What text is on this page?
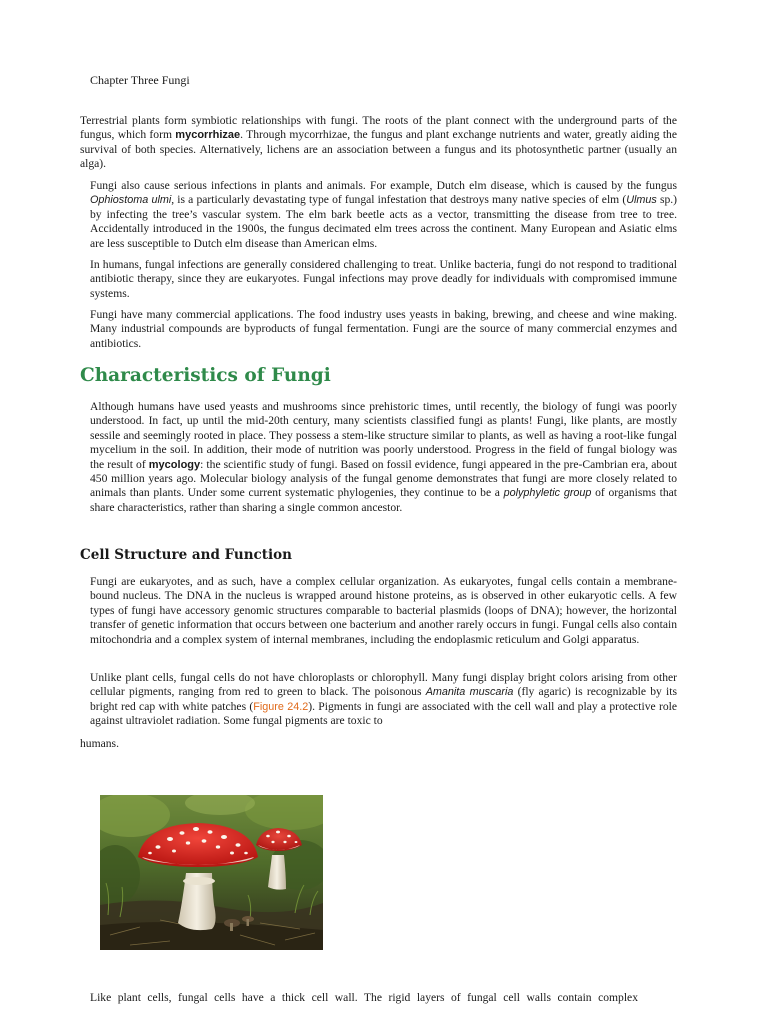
Chapter Three Fungi

Terrestrial plants form symbiotic relationships with fungi. The roots of the plant connect with the underground parts of the fungus, which form mycorrhizae. Through mycorrhizae, the fungus and plant exchange nutrients and water, greatly aiding the survival of both species. Alternatively, lichens are an association between a fungus and its photosynthetic partner (usually an alga).

Fungi also cause serious infections in plants and animals. For example, Dutch elm disease, which is caused by the fungus Ophiostoma ulmi, is a particularly devastating type of fungal infestation that destroys many native species of elm (Ulmus sp.) by infecting the tree’s vascular system. The elm bark beetle acts as a vector, transmitting the disease from tree to tree. Accidentally introduced in the 1900s, the fungus decimated elm trees across the continent. Many European and Asiatic elms are less susceptible to Dutch elm disease than American elms.

In humans, fungal infections are generally considered challenging to treat. Unlike bacteria, fungi do not respond to traditional antibiotic therapy, since they are eukaryotes. Fungal infections may prove deadly for individuals with compromised immune systems.

Fungi have many commercial applications. The food industry uses yeasts in baking, brewing, and cheese and wine making. Many industrial compounds are byproducts of fungal fermentation. Fungi are the source of many commercial enzymes and antibiotics.

Characteristics of Fungi

Although humans have used yeasts and mushrooms since prehistoric times, until recently, the biology of fungi was poorly understood. In fact, up until the mid-20th century, many scientists classified fungi as plants! Fungi, like plants, are mostly sessile and seemingly rooted in place. They possess a stem-like structure similar to plants, as well as having a root-like fungal mycelium in the soil. In addition, their mode of nutrition was poorly understood. Progress in the field of fungal biology was the result of mycology: the scientific study of fungi. Based on fossil evidence, fungi appeared in the pre-Cambrian era, about 450 million years ago. Molecular biology analysis of the fungal genome demonstrates that fungi are more closely related to animals than plants. Under some current systematic phylogenies, they continue to be a polyphyletic group of organisms that share characteristics, rather than sharing a single common ancestor.

Cell Structure and Function

Fungi are eukaryotes, and as such, have a complex cellular organization. As eukaryotes, fungal cells contain a membrane-bound nucleus. The DNA in the nucleus is wrapped around histone proteins, as is observed in other eukaryotic cells. A few types of fungi have accessory genomic structures comparable to bacterial plasmids (loops of DNA); however, the horizontal transfer of genetic information that occurs between one bacterium and another rarely occurs in fungi. Fungal cells also contain mitochondria and a complex system of internal membranes, including the endoplasmic reticulum and Golgi apparatus.

Unlike plant cells, fungal cells do not have chloroplasts or chlorophyll. Many fungi display bright colors arising from other cellular pigments, ranging from red to green to black. The poisonous Amanita muscaria (fly agaric) is recognizable by its bright red cap with white patches (Figure 24.2). Pigments in fungi are associated with the cell wall and play a protective role against ultraviolet radiation. Some fungal pigments are toxic to

humans.
Like plant cells, fungal cells have a thick cell wall. The rigid layers of fungal cell walls contain complex
